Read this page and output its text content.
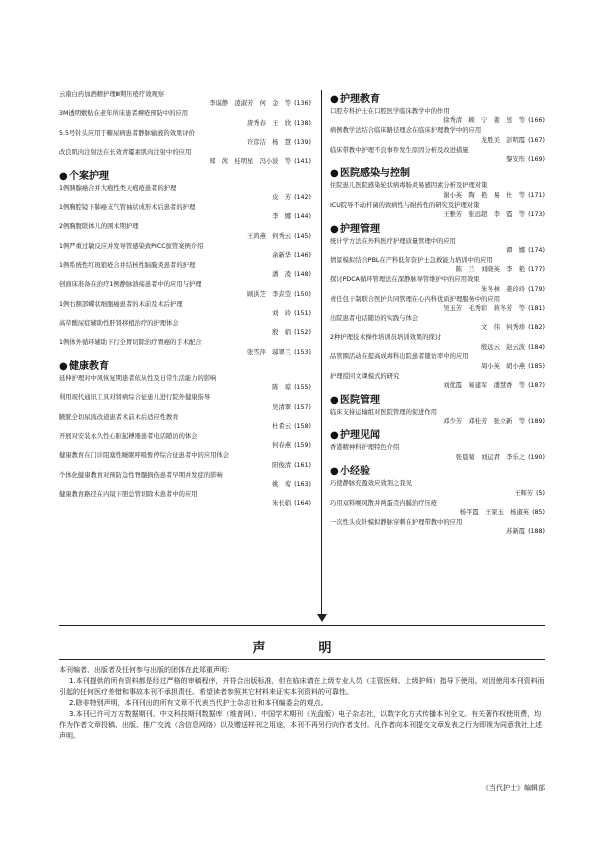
云南白药加酒精护理Ⅲ期压疮疗效观察
李谟静　凌淑芳　何　金　等 (136)
3M透明敷贴在老年所床患者褥疮预防中的应用
唐秀春　王　欣 (138)
5.5号针头应用于糖尿病患者静脉输液的效果评价
许彦洁　杨　慧 (139)
改良肌肉注射法在长效青霉素肌肉注射中的应用
郑　茜　桂明星　冯小波　等 (141)
●个案护理
1例胰腺癌合并大疱性类天疱疮患者的护理
皮　芳 (142)
1例胸腔镜下肺癌支气管袖状成形术后患者的护理
李　娜 (144)
2例胸腹联体儿的围术期护理
王鸿燕　何秀云 (145)
1例严重过敏反应并发导管感染致PICC拔管案例介绍
余新华 (146)
1例系统性红斑狼疮合并结核性脑膜炎患者的护理
潘　凌 (148)
创面床准备在治疗1例静脉溃疡患者中的应用与护理
顾洪芝　李垚莹 (150)
1例右额部蝶状细胞癌患者的术前及术后护理
刘　玲 (151)
高草酸尿症辅助性肝肾移植治疗的护理体会
殷　娟 (152)
1例体外循环辅助下行全胃切除治疗胃癌的手术配合
张雪萍　邬翠兰 (153)
●健康教育
延伸护理对中风恢复期患者依从性及日常生活能力的影响
陈　琼 (155)
利用现代通讯工具对肾病综合征患儿进行院外健康指导
吴清翠 (157)
腋胱全切尿流改道患者术前术后适应性教育
杜希云 (158)
开展对安装永久性心脏起搏器患者电话随访的体会
何春燕 (159)
健康教育在门诊阻塞性睡眠呼吸暂停综合征患者中的应用体会
阳俊清 (161)
个体化健康教育对预防急性脊髓损伤患者早期并发症的影响
姚　莺 (163)
健康教育路径在内镜下胆总管切除术患者中的应用
朱长娟 (164)
●护理教育
口腔专科护士在口腔医学临床教学中的作用
徐秀清　顾　宁　姜　昱　等 (166)
病例教学法结合临床路径理念在临床护理教学中的应用
龙胜美　彭明霞 (167)
临床带教中护理不良事件发生原因分析及改进措施
黎安彤 (169)
●医院感染与控制
住院患儿医院感染轮状病毒肠炎易感因素分析及护理对策
谢小英　陶　艳　易　仕　等 (171)
ICU院导不动杆菌的致病性与耐药性的研究及护理对策
王雅芳　张远超　李　霞　等 (173)
●护理管理
统计学方法在外科医疗护理质量管理中的应用
谭　娜 (174)
情景模拟结合PBL在产科低年资护士急救能力培训中的应用
陈　兰　刘晓英　李　艳 (177)
探讨PDCA循环管理法在深静脉导管维护中的应用效果
朱冬林　姜玲玲 (179)
责任包干制联合医护共同管理在心内科优质护理服务中的应用
吴玉芳　毛秀彩　蒋冬芳　等 (181)
出院患者电话随访的实践与体会
文　伟　何秀珍 (182)
2种护理技术操作培训员培训效果的探讨
殷远云　赵云波 (184)
品管圈活动在提高成毒科出院患者随访率中的应用
周小英　胡小燕 (185)
护理授同文课模式的研究
刘优霞　易建军　潘慧香　等 (187)
●医院管理
临床支持运输组对医院管理的促进作用
邓少芳　邓桂芳　张立新　等 (189)
●护理见闻
香港精神科护理特色介绍
张晨菊　刘运君　李乐之 (190)
●小经验
巧使静脉充盈效应效剂之我见
王辉芳 (5)
巧用双料喉风散并两蛋壳内膜治疗压疮
杨平霞　王家玉　杨淑英 (85)
一次性头皮针模拟静脉穿刺在护理带教中的应用
苏新霞 (188)
声　明

本刊编者、出版者及任何参与出版的团体在此郑重声明：

1.本刊提供的所有资料都是经过严格的审稿程序，并符合出版标准，但在临床请在上级专业人员（主管医师、上级护师）指导下使用。对因使用本刊资料而引起的任何医疗差错和事故本刊不承担责任。希望读者参照其它材料来证实本刊资料的可靠性。

2.除非特别声明，本刊刊出的所有文章不代表当代护士杂志社和本刊编委会的观点。

3.本刊已许可万方数据期刊、中文科技期刊数据库（维普网）、中国学术期刊（光盘版）电子杂志社，以数字化方式传播本刊全文。有关著作权使用费，均作为作者文章投稿、出版、推广交流（含信息网络）以及赠送样刊之用途，本刊不再另行向作者支付。凡作者向本刊提交文章发表之行为即视为同意我社上述声明。

《当代护士》编辑部
